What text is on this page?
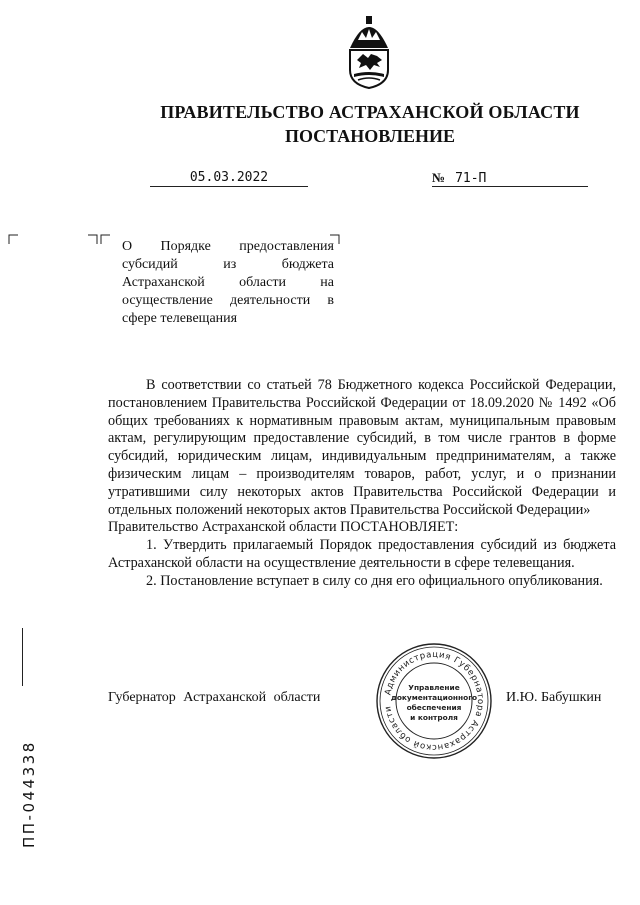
ПРАВИТЕЛЬСТВО АСТРАХАНСКОЙ ОБЛАСТИ
ПОСТАНОВЛЕНИЕ
05.03.2022	№ 71-П

О Порядке предоставления субсидий из бюджета Астраханской области на осуществление деятельности в сфере телевещания

В соответствии со статьей 78 Бюджетного кодекса Российской Федерации, постановлением Правительства Российской Федерации от 18.09.2020 № 1492 «Об общих требованиях к нормативным правовым актам, муниципальным правовым актам, регулирующим предоставление субсидий, в том числе грантов в форме субсидий, юридическим лицам, индивидуальным предпринимателям, а также физическим лицам – производителям товаров, работ, услуг, и о признании утратившими силу некоторых актов Правительства Российской Федерации и отдельных положений некоторых актов Правительства Российской Федерации»

Правительство Астраханской области ПОСТАНОВЛЯЕТ:

1. Утвердить прилагаемый Порядок предоставления субсидий из бюджета Астраханской области на осуществление деятельности в сфере телевещания.

2. Постановление вступает в силу со дня его официального опубликования.

Губернатор Астраханской области	Администрация Губернатора Астраханской области
Управление
документационного
обеспечения
и контроля
И.Ю. Бабушкин
ПП-044338
